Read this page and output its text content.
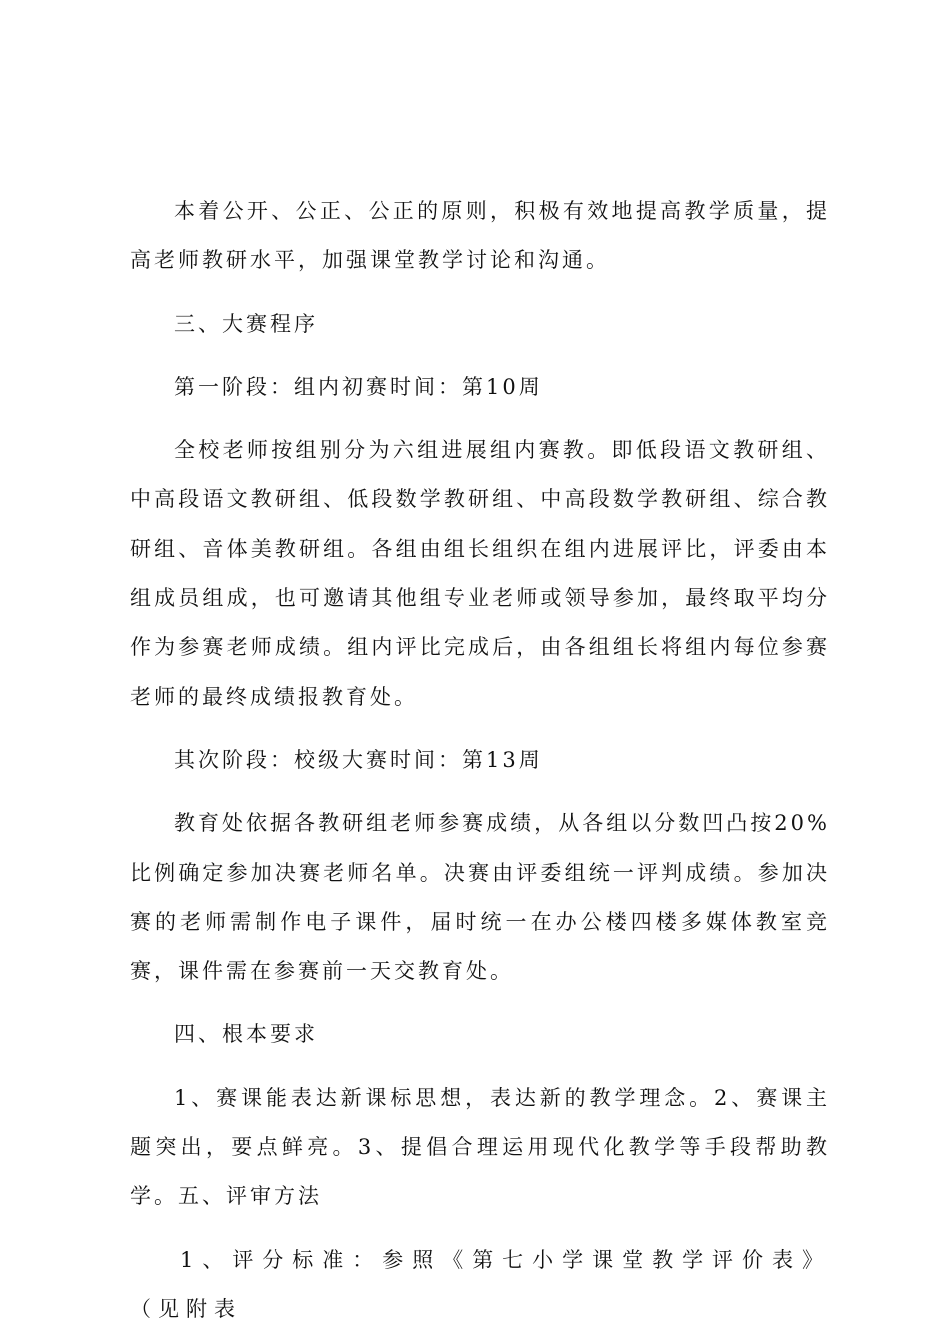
本着公开、公正、公正的原则，积极有效地提高教学质量，提高老师教研水平，加强课堂教学讨论和沟通。

三、大赛程序

第一阶段：组内初赛时间：第10周

全校老师按组别分为六组进展组内赛教。即低段语文教研组、中高段语文教研组、低段数学教研组、中高段数学教研组、综合教研组、音体美教研组。各组由组长组织在组内进展评比，评委由本组成员组成，也可邀请其他组专业老师或领导参加，最终取平均分作为参赛老师成绩。组内评比完成后，由各组组长将组内每位参赛老师的最终成绩报教育处。

其次阶段：校级大赛时间：第13周

教育处依据各教研组老师参赛成绩，从各组以分数凹凸按20%比例确定参加决赛老师名单。决赛由评委组统一评判成绩。参加决赛的老师需制作电子课件，届时统一在办公楼四楼多媒体教室竞赛，课件需在参赛前一天交教育处。

四、根本要求

1、赛课能表达新课标思想，表达新的教学理念。2、赛课主题突出，要点鲜亮。3、提倡合理运用现代化教学等手段帮助教学。五、评审方法

1、评分标准：参照《第七小学课堂教学评价表》（见附表
